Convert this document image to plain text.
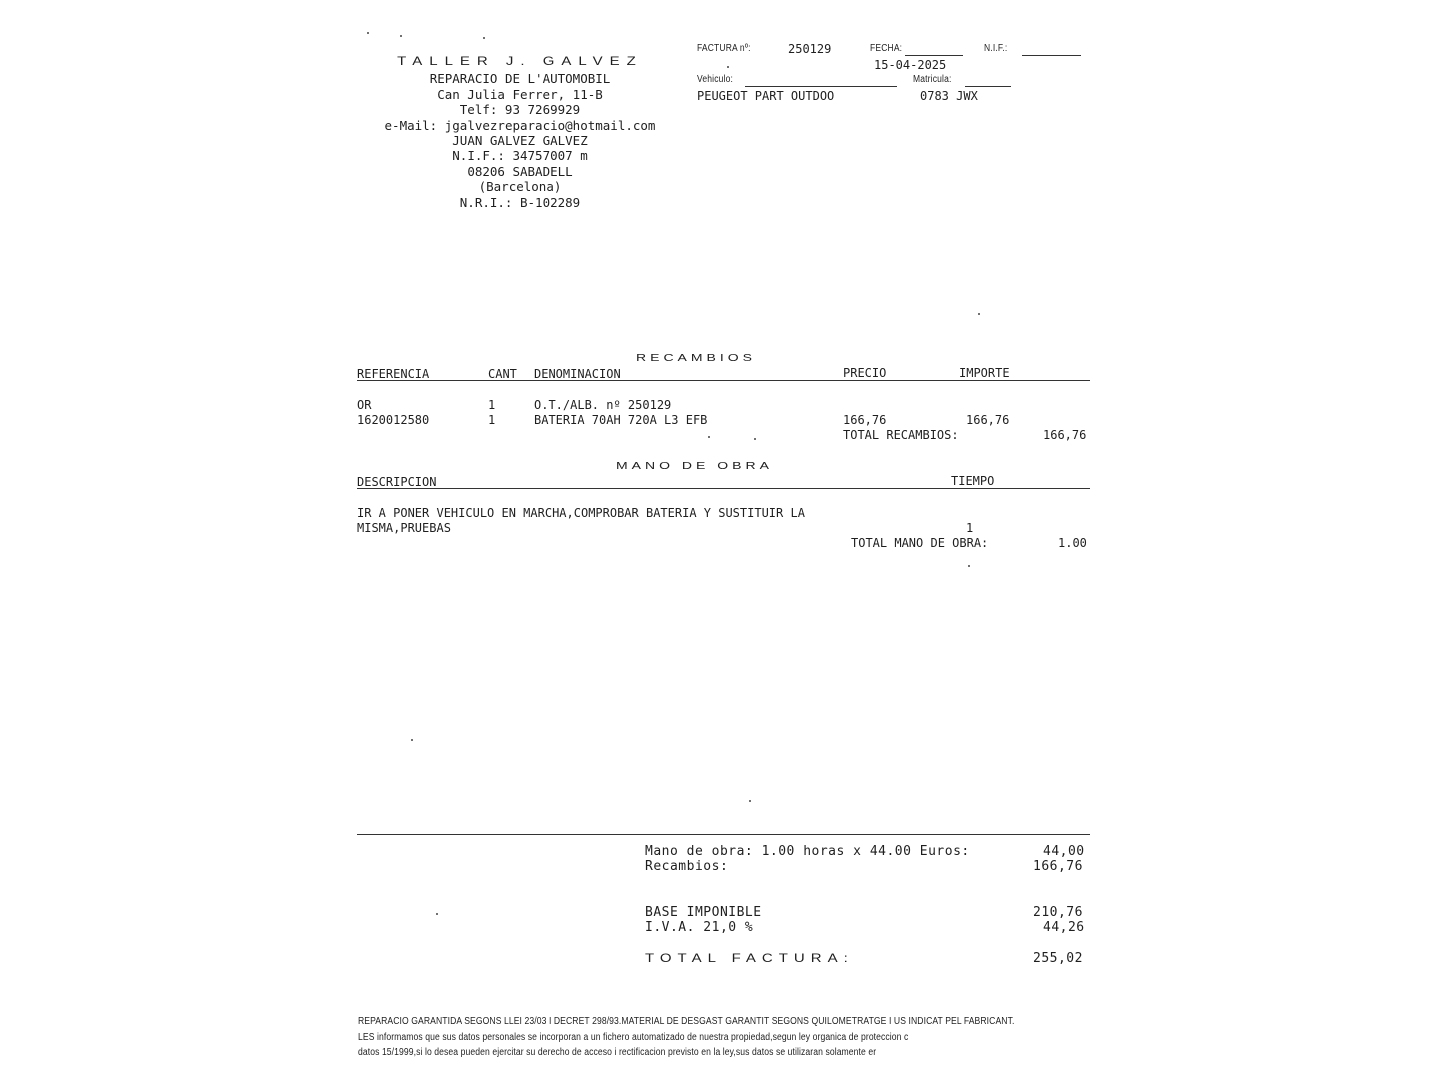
TALLER J. GALVEZ
REPARACIO DE L'AUTOMOBIL
Can Julia Ferrer, 11-B
Telf: 93 7269929
e-Mail: jgalvezreparacio@hotmail.com
JUAN GALVEZ GALVEZ
N.I.F.: 34757007 m
08206 SABADELL
(Barcelona)
N.R.I.: B-102289
FACTURA nº:	250129	FECHA:
15-04-2025
N.I.F.:
Vehiculo:
PEUGEOT PART OUTDOO
Matricula:
0783 JWX
RECAMBIOS
REFERENCIA	CANT DENOMINACION	PRECIO	IMPORTE
OR	1	O.T./ALB. nº 250129
1620012580	1	BATERIA 70AH 720A L3 EFB	166,76	166,76
TOTAL RECAMBIOS:	166,76
MANO DE OBRA
DESCRIPCION	TIEMPO
IR A PONER VEHICULO EN MARCHA,COMPROBAR BATERIA Y SUSTITUIR LA
MISMA,PRUEBAS	1
TOTAL MANO DE OBRA:	1.00
Mano de obra: 1.00 horas x 44.00 Euros:	44,00
Recambios:	166,76
BASE IMPONIBLE	210,76
I.V.A. 21,0 %	44,26
TOTAL FACTURA:	255,02
REPARACIO GARANTIDA SEGONS LLEI 23/03 I DECRET 298/93.MATERIAL DE DESGAST GARANTIT SEGONS QUILOMETRATGE I US INDICAT PEL FABRICANT.
LES informamos que sus datos personales se incorporan a un fichero automatizado de nuestra propiedad,segun ley organica de proteccion c
datos 15/1999,si lo desea pueden ejercitar su derecho de acceso i rectificacion previsto en la ley,sus datos se utilizaran solamente er
